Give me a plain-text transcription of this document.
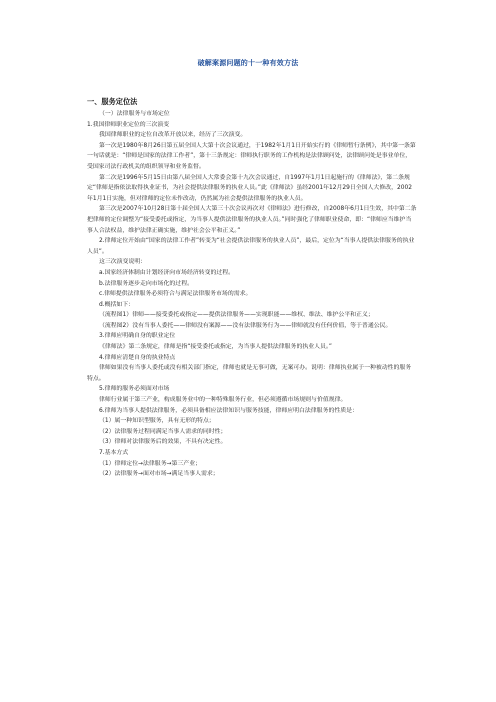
破解案源问题的十一种有效方法
一、服务定位法

（一）法律服务与市场定位

1.我国律师职业定位的三次演变

我国律师职业的定位自改革开放以来，经历了三次演变。

第一次是1980年8月26日第五届全国人大第十次会议通过，于1982年1月1日开始实行的《律师暂行条例》，其中第一条第一句话就是：“律师是国家的法律工作者”，第十三条规定：律师执行职务的工作机构是法律顾问处，法律顾问处是事业单位，受国家司法行政机关的组织领导和业务监督。

第二次是1996年5月15日由第八届全国人大常委会第十九次会议通过，自1997年1月1日起施行的《律师法》，第二条规定“律师是指依法取得执业证书，为社会提供法律服务的执业人员。”此《律师法》虽经2001年12月29日全国人大修改，2002年1月1日实施，但对律师的定位未作改动，仍然属为社会提供法律服务的执业人员。

第三次是2007年10月28日第十届全国人大第三十次会议再次对《律师法》进行修改，自2008年6月1日生效，其中第二条把律师的定位调整为“接受委托或指定，为当事人提供法律服务的执业人员。”同时强化了律师职业使命，即：“律师应当维护当事人合法权益，维护法律正确实施，维护社会公平和正义。”

2.律师定位开始由“国家的法律工作者”转变为“社会提供法律服务的执业人员”，最后，定位为“当事人提供法律服务的执业人员”。

这三次演变说明：

a.国家经济体制由计划经济向市场经济转变的过程。

b.法律服务逐步走向市场化的过程。

c.律师提供法律服务必须符合与满足法律服务市场的需求。

d.概括如下：

（流程图1）律师——接受委托或指定——提供法律服务——实现职能——维权、维法、维护公平和正义；

（流程图2）没有当事人委托——律师没有案源——没有法律服务行为——律师就没有任何价值，等于普通公民。

3.律师应明确自身的职业定位

《律师法》第二条规定，律师是指“接受委托或指定，为当事人提供法律服务的执业人员。”

4.律师应清楚自身的执业特点

律师如果没有当事人委托或没有相关部门指定，律师也就是无事可做，无案可办。说明：律师执业属于一种被动性的服务特点。

5.律师的服务必须面对市场

律师行业属于第三产业，构成服务业中的一种特殊服务行业，但必须遵循市场规则与价值规律。

6.律师为当事人提供法律服务，必须具备相应法律知识与服务技能，律师应明白法律服务的性质是：

（1）属一种知识型服务，具有无形的特点；

（2）法律服务过程同满足当事人需求的同时性；

（3）律师对法律服务后的效果，不具有决定性。

7.基本方式

（1）律师定位→法律服务→第三产业；

（2）法律服务→面对市场→满足当事人需求；
